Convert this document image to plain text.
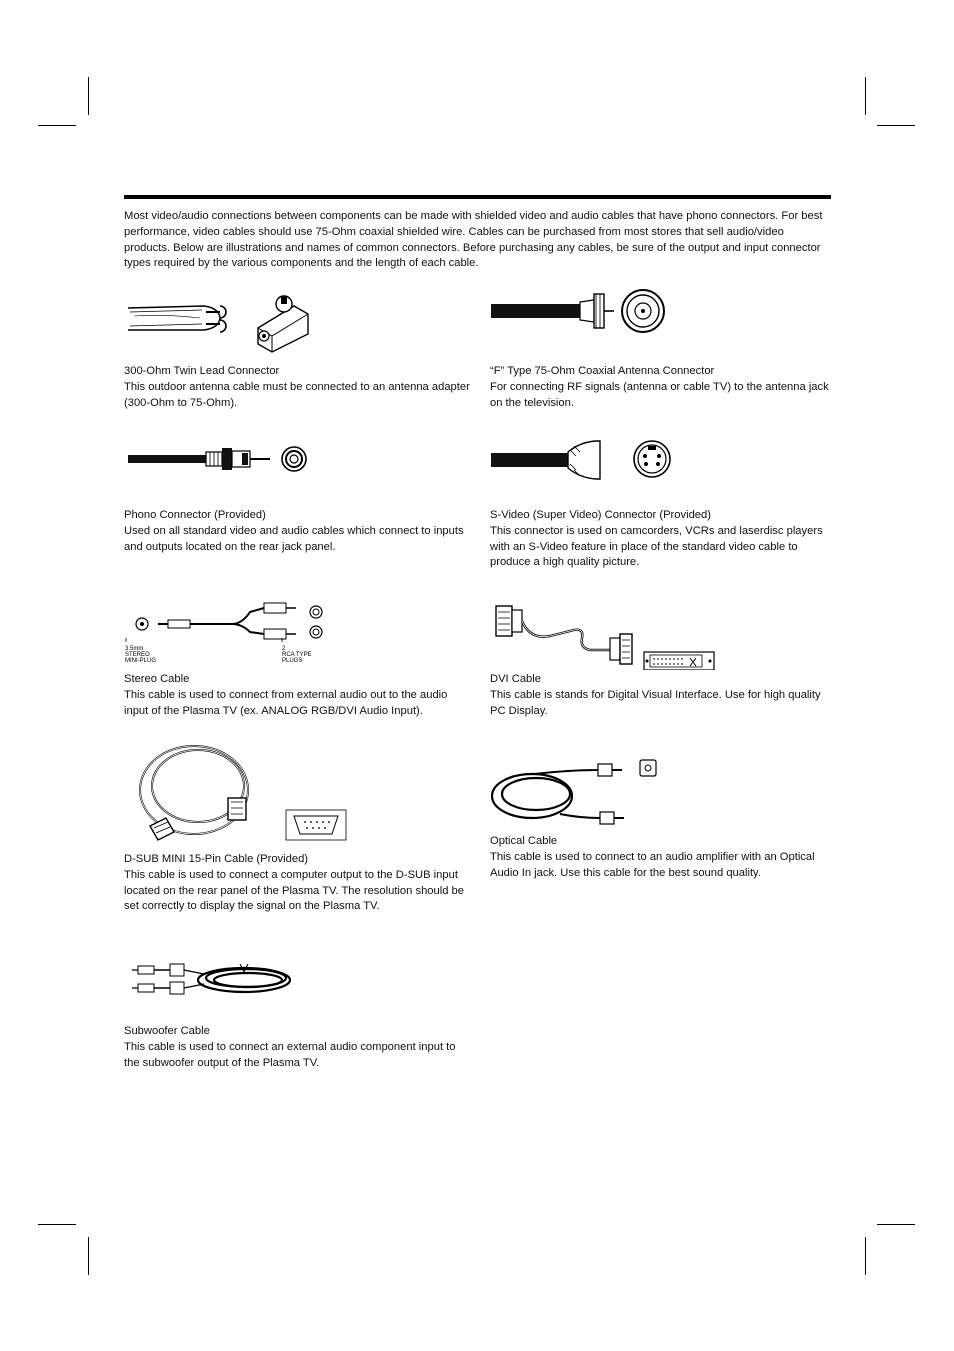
Most video/audio connections between components can be made with shielded video and audio cables that have phono connectors. For best performance, video cables should use 75-Ohm coaxial shielded wire. Cables can be purchased from most stores that sell audio/video products. Below are illustrations and names of common connectors. Before purchasing any cables, be sure of the output and input connector types required by the various components and the length of each cable.

300-Ohm Twin Lead Connector
This outdoor antenna cable must be connected to an antenna adapter (300-Ohm to 75-Ohm).

“F” Type 75-Ohm Coaxial Antenna Connector
For connecting RF signals (antenna or cable TV) to the antenna jack on the television.

Phono Connector (Provided)
Used on all standard video and audio cables which connect to inputs and outputs located on the rear jack panel.

S-Video (Super Video) Connector (Provided)
This connector is used on camcorders, VCRs and laserdisc players with an S-Video feature in place of the standard video cable to produce a high quality picture.

3.5mm
STEREO
MINI-PLUG
2
RCA TYPE
PLUGS

Stereo Cable
This cable is used to connect from external audio out to the audio input of the Plasma TV (ex. ANALOG RGB/DVI Audio Input).

DVI Cable
This cable is stands for Digital Visual Interface. Use for high quality PC Display.

D-SUB MINI 15-Pin Cable (Provided)
This cable is used to connect a computer output to the D-SUB input located on the rear panel of the Plasma TV. The resolution should be set correctly to display the signal on the Plasma TV.

Optical Cable
This cable is used to connect to an audio amplifier with an Optical Audio In jack. Use this cable for the best sound quality.

Subwoofer Cable
This cable is used to connect an external audio component input to the subwoofer output of the Plasma TV.
